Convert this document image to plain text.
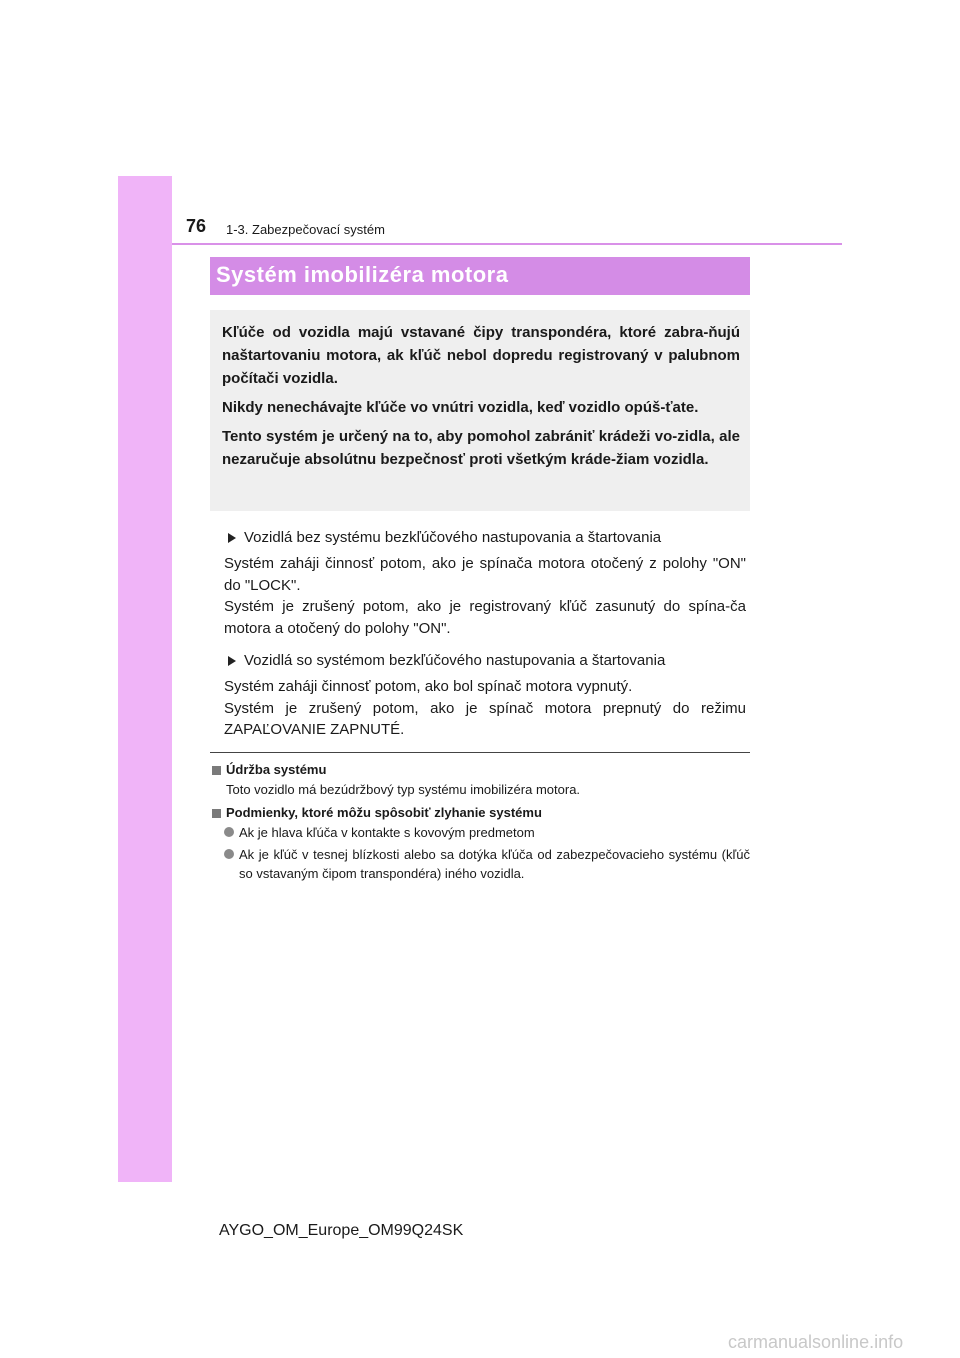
76 1-3. Zabezpečovací systém
Systém imobilizéra motora

Kľúče od vozidla majú vstavané čipy transpondéra, ktoré zabra-ňujú naštartovaniu motora, ak kľúč nebol dopredu registrovaný v palubnom počítači vozidla.

Nikdy nenechávajte kľúče vo vnútri vozidla, keď vozidlo opúš-ťate.

Tento systém je určený na to, aby pomohol zabrániť krádeži vo-zidla, ale nezaručuje absolútnu bezpečnosť proti všetkým kráde-žiam vozidla.

Vozidlá bez systému bezkľúčového nastupovania a štartovania

Systém zaháji činnosť potom, ako je spínača motora otočený z polohy "ON" do "LOCK".
Systém je zrušený potom, ako je registrovaný kľúč zasunutý do spína-ča motora a otočený do polohy "ON".

Vozidlá so systémom bezkľúčového nastupovania a štartovania

Systém zaháji činnosť potom, ako bol spínač motora vypnutý.
Systém je zrušený potom, ako je spínač motora prepnutý do režimu ZAPAĽOVANIE ZAPNUTÉ.

Údržba systému
Toto vozidlo má bezúdržbový typ systému imobilizéra motora.
Podmienky, ktoré môžu spôsobiť zlyhanie systému
Ak je hlava kľúča v kontakte s kovovým predmetom
Ak je kľúč v tesnej blízkosti alebo sa dotýka kľúča od zabezpečovacieho systému (kľúč so vstavaným čipom transpondéra) iného vozidla.
AYGO_OM_Europe_OM99Q24SK
carmanualsonline.info
